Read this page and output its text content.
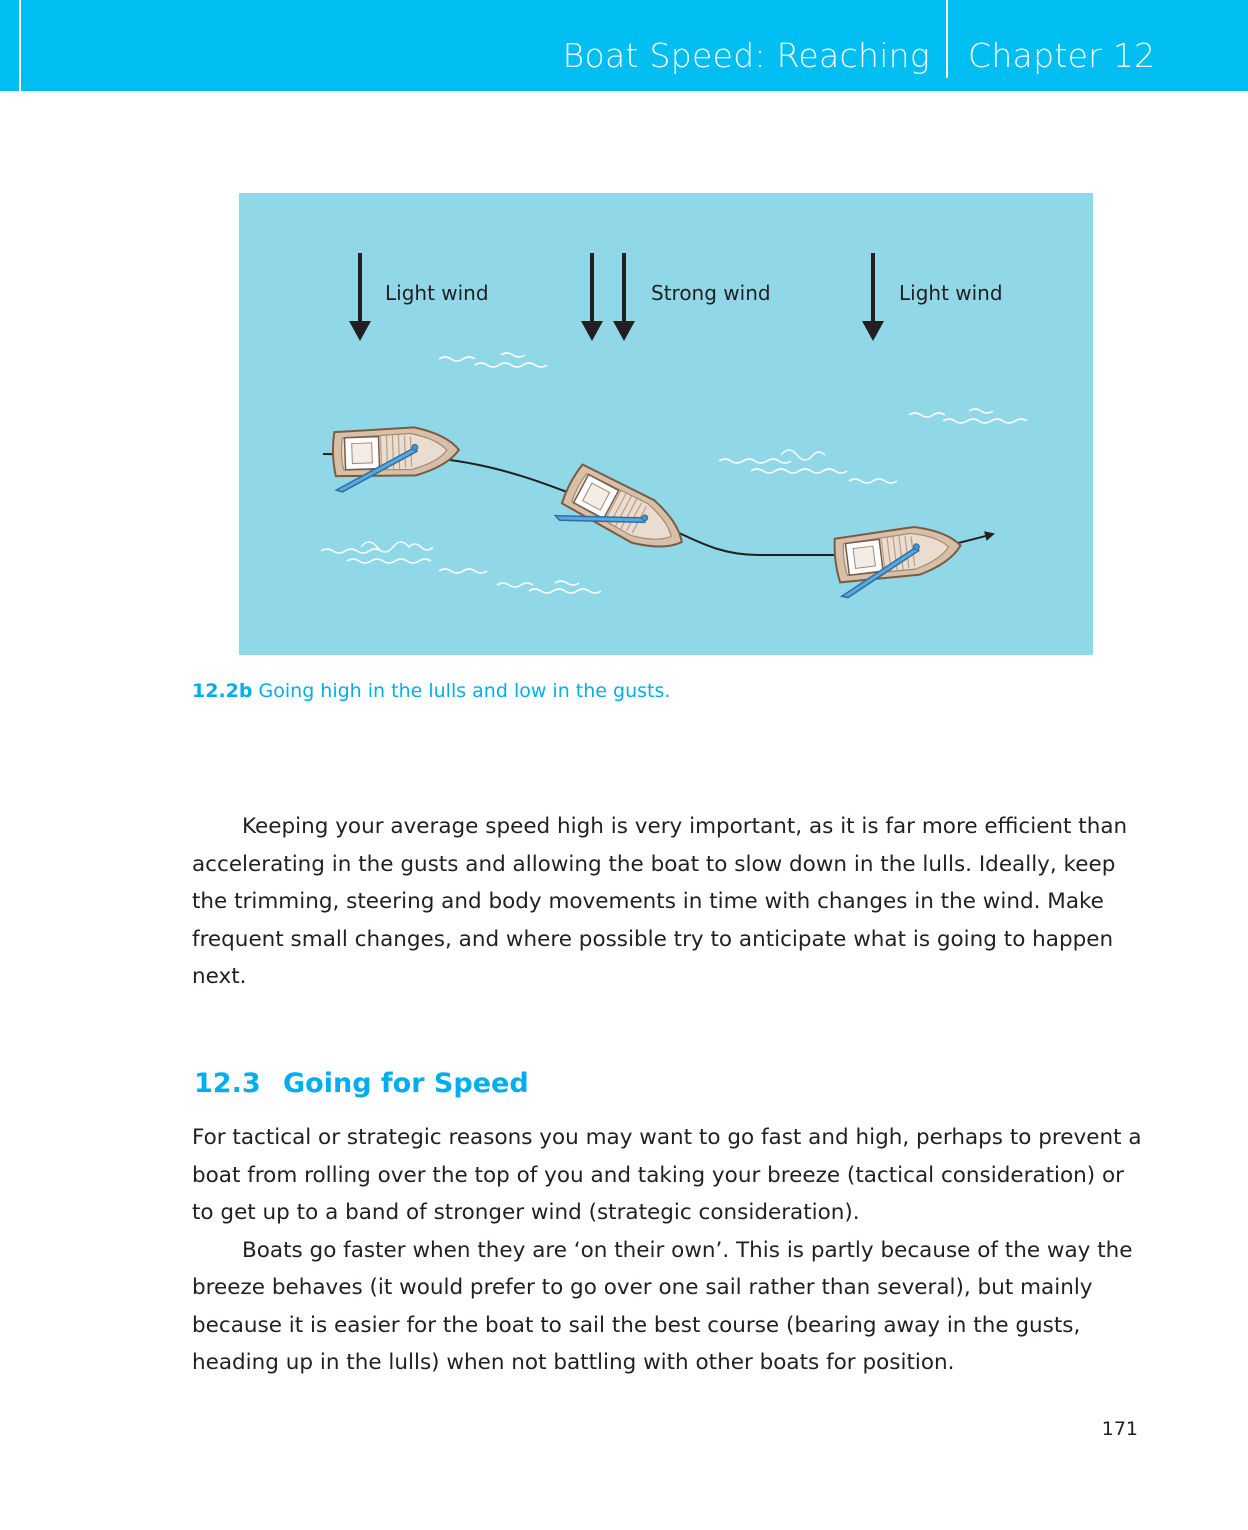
Boat Speed: Reaching Chapter 12
Light wind	Strong wind	Light wind
12.2b Going high in the lulls and low in the gusts.

Keeping your average speed high is very important, as it is far more efficient than accelerating in the gusts and allowing the boat to slow down in the lulls. Ideally, keep the trimming, steering and body movements in time with changes in the wind. Make frequent small changes, and where possible try to anticipate what is going to happen next.

12.3 Going for Speed

For tactical or strategic reasons you may want to go fast and high, perhaps to prevent a boat from rolling over the top of you and taking your breeze (tactical consideration) or to get up to a band of stronger wind (strategic consideration).

Boats go faster when they are ‘on their own’. This is partly because of the way the breeze behaves (it would prefer to go over one sail rather than several), but mainly because it is easier for the boat to sail the best course (bearing away in the gusts, heading up in the lulls) when not battling with other boats for position.

171
